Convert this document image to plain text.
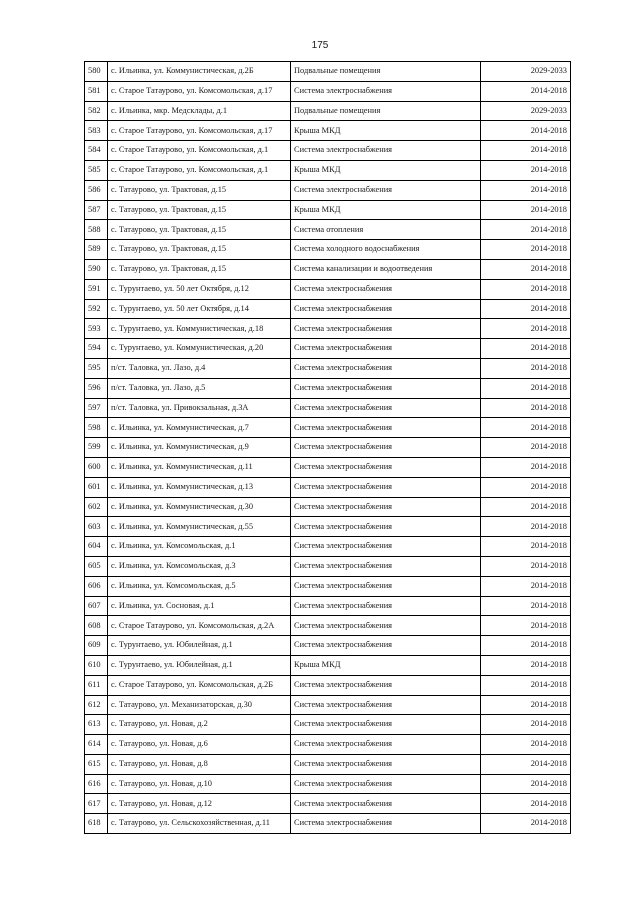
175
580	с. Ильинка, ул. Коммунистическая, д.2Б	Подвальные помещения	2029-2033
581	с. Старое Татаурово, ул. Комсомольская, д.17	Система электроснабжения	2014-2018
582	с. Ильинка, мкр. Медсклады, д.1	Подвальные помещения	2029-2033
583	с. Старое Татаурово, ул. Комсомольская, д.17	Крыша МКД	2014-2018
584	с. Старое Татаурово, ул. Комсомольская, д.1	Система электроснабжения	2014-2018
585	с. Старое Татаурово, ул. Комсомольская, д.1	Крыша МКД	2014-2018
586	с. Татаурово, ул. Трактовая, д.15	Система электроснабжения	2014-2018
587	с. Татаурово, ул. Трактовая, д.15	Крыша МКД	2014-2018
588	с. Татаурово, ул. Трактовая, д.15	Система отопления	2014-2018
589	с. Татаурово, ул. Трактовая, д.15	Система холодного водоснабжения	2014-2018
590	с. Татаурово, ул. Трактовая, д.15	Система канализации и водоотведения	2014-2018
591	с. Турунтаево, ул. 50 лет Октября, д.12	Система электроснабжения	2014-2018
592	с. Турунтаево, ул. 50 лет Октября, д.14	Система электроснабжения	2014-2018
593	с. Турунтаево, ул. Коммунистическая, д.18	Система электроснабжения	2014-2018
594	с. Турунтаево, ул. Коммунистическая, д.20	Система электроснабжения	2014-2018
595	п/ст. Таловка, ул. Лазо, д.4	Система электроснабжения	2014-2018
596	п/ст. Таловка, ул. Лазо, д.5	Система электроснабжения	2014-2018
597	п/ст. Таловка, ул. Привокзальная, д.3А	Система электроснабжения	2014-2018
598	с. Ильинка, ул. Коммунистическая, д.7	Система электроснабжения	2014-2018
599	с. Ильинка, ул. Коммунистическая, д.9	Система электроснабжения	2014-2018
600	с. Ильинка, ул. Коммунистическая, д.11	Система электроснабжения	2014-2018
601	с. Ильинка, ул. Коммунистическая, д.13	Система электроснабжения	2014-2018
602	с. Ильинка, ул. Коммунистическая, д.30	Система электроснабжения	2014-2018
603	с. Ильинка, ул. Коммунистическая, д.55	Система электроснабжения	2014-2018
604	с. Ильинка, ул. Комсомольская, д.1	Система электроснабжения	2014-2018
605	с. Ильинка, ул. Комсомольская, д.3	Система электроснабжения	2014-2018
606	с. Ильинка, ул. Комсомольская, д.5	Система электроснабжения	2014-2018
607	с. Ильинка, ул. Сосновая, д.1	Система электроснабжения	2014-2018
608	с. Старое Татаурово, ул. Комсомольская, д.2А	Система электроснабжения	2014-2018
609	с. Турунтаево, ул. Юбилейная, д.1	Система электроснабжения	2014-2018
610	с. Турунтаево, ул. Юбилейная, д.1	Крыша МКД	2014-2018
611	с. Старое Татаурово, ул. Комсомольская, д.2Б	Система электроснабжения	2014-2018
612	с. Татаурово, ул. Механизаторская, д.30	Система электроснабжения	2014-2018
613	с. Татаурово, ул. Новая, д.2	Система электроснабжения	2014-2018
614	с. Татаурово, ул. Новая, д.6	Система электроснабжения	2014-2018
615	с. Татаурово, ул. Новая, д.8	Система электроснабжения	2014-2018
616	с. Татаурово, ул. Новая, д.10	Система электроснабжения	2014-2018
617	с. Татаурово, ул. Новая, д.12	Система электроснабжения	2014-2018
618	с. Татаурово, ул. Сельскохозяйственная, д.11	Система электроснабжения	2014-2018
